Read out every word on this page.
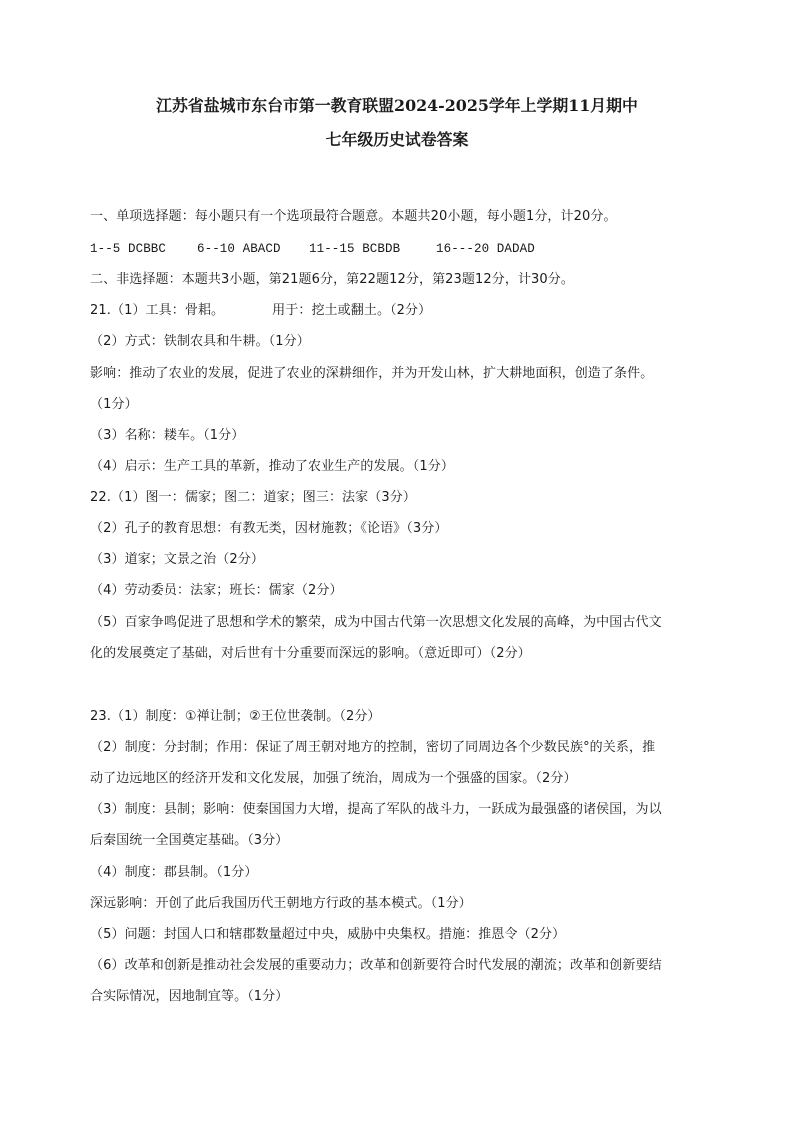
江苏省盐城市东台市第一教育联盟2024-2025学年上学期11月期中
七年级历史试卷答案
一、单项选择题：每小题只有一个选项最符合题意。本题共20小题，每小题1分，计20分。
1--5 DCBBC 6--10 ABACD 11--15 BCBDB	16---20 DADAD
二、非选择题：本题共3小题，第21题6分，第22题12分，第23题12分，计30分。
21.（1）工具：骨耜。	用于：挖土或翻土。（2分）
（2）方式：铁制农具和牛耕。（1分）
影响：推动了农业的发展，促进了农业的深耕细作，并为开发山林，扩大耕地面积，创造了条件。
（1分）
（3）名称：耧车。（1分）
（4）启示：生产工具的革新，推动了农业生产的发展。（1分）
22.（1）图一：儒家；图二：道家；图三：法家（3分）
（2）孔子的教育思想：有教无类，因材施教；《论语》（3分）
（3）道家；文景之治（2分）
（4）劳动委员：法家；班长：儒家（2分）
（5）百家争鸣促进了思想和学术的繁荣，成为中国古代第一次思想文化发展的高峰，为中国古代文
化的发展奠定了基础，对后世有十分重要而深远的影响。（意近即可）（2分）
23.（1）制度：①禅让制；②王位世袭制。（2分）
（2）制度：分封制；作用：保证了周王朝对地方的控制，密切了同周边各个少数民族°的关系，推
动了边远地区的经济开发和文化发展，加强了统治，周成为一个强盛的国家。（2分）
（3）制度：县制；影响：使秦国国力大增，提高了军队的战斗力，一跃成为最强盛的诸侯国，为以
后秦国统一全国奠定基础。（3分）
（4）制度：郡县制。（1分）
深远影响：开创了此后我国历代王朝地方行政的基本模式。（1分）
（5）问题：封国人口和辖郡数量超过中央，威胁中央集权。措施：推恩令（2分）
（6）改革和创新是推动社会发展的重要动力；改革和创新要符合时代发展的潮流；改革和创新要结
合实际情况，因地制宜等。（1分）
